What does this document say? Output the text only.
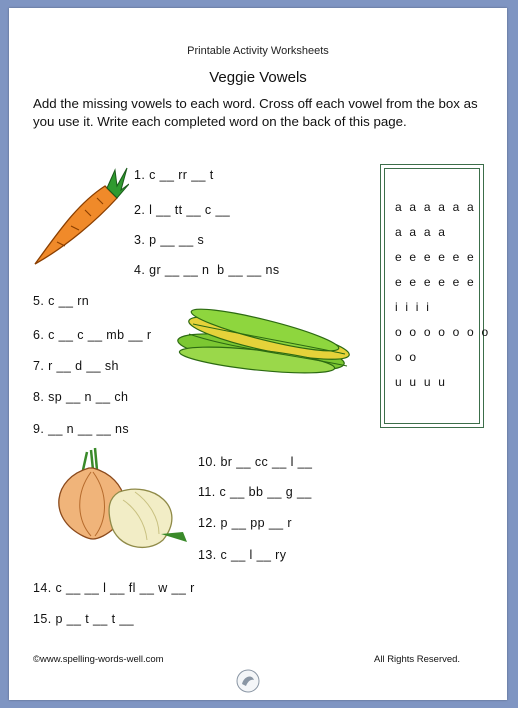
Printable Activity Worksheets
Veggie Vowels
Add the missing vowels to each word. Cross off each vowel from the box as you use it. Write each completed word on the back of this page.
1. c __ rr __ t
2. l __ tt __ c __
3. p __ __ s
4. gr __ __ n  b __ __ ns
5. c __ rn
6. c __ c __ mb __ r
7. r __ d __ sh
8. sp __ n __ ch
9. __ n __ __ ns
10. br __ cc __ l __
11. c __ bb __ g __
12. p __ pp __ r
13. c __ l __ ry
14. c __ __ l __ fl __ w __ r
15. p __ t __ t __
a a a a a a
a a a a
e e e e e e
e e e e e e
i i i i
o o o o o o o
o o
u u u u
©www.spelling-words-well.com	All Rights Reserved.
